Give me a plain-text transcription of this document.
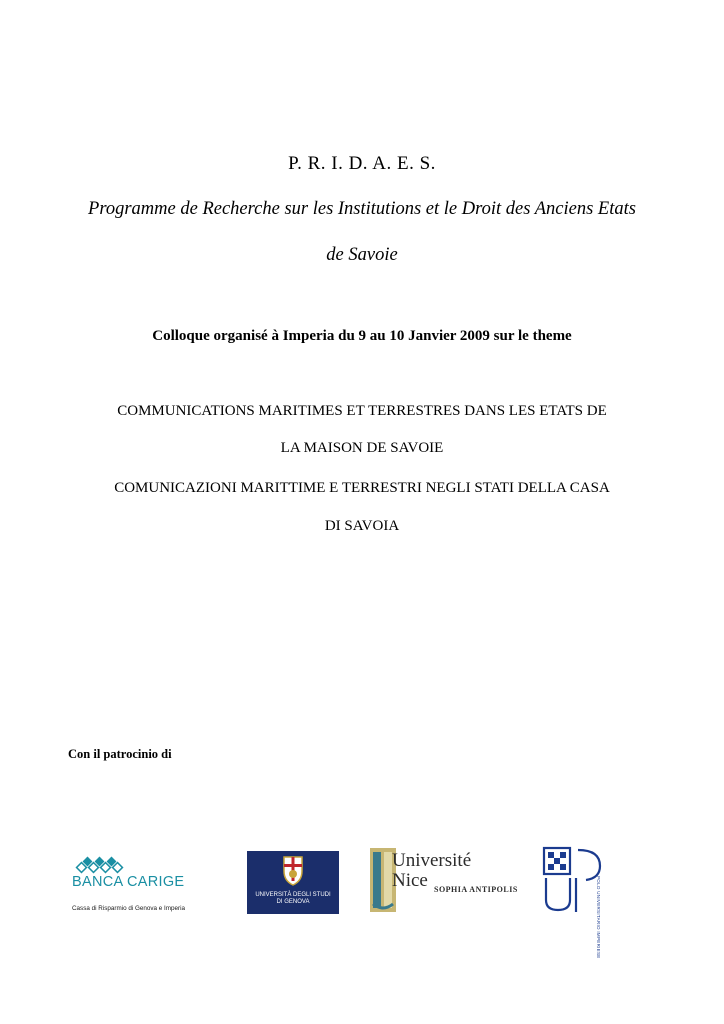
P. R. I. D. A. E. S.
Programme de Recherche sur les Institutions et le Droit des Anciens Etats
de Savoie
Colloque organisé à Imperia du 9 au 10 Janvier 2009 sur le theme
COMMUNICATIONS MARITIMES ET TERRESTRES DANS LES ETATS DE
LA MAISON DE SAVOIE
COMUNICAZIONI MARITTIME E TERRESTRI NEGLI STATI DELLA CASA
DI SAVOIA
Con il patrocinio di
BANCA CARIGE
Cassa di Risparmio di Genova e Imperia
UNIVERSITÀ DEGLI STUDI
DI GENOVA
Université
Nice SOPHIA ANTIPOLIS	POLO UNIVERSITARIO IMPERIESE
